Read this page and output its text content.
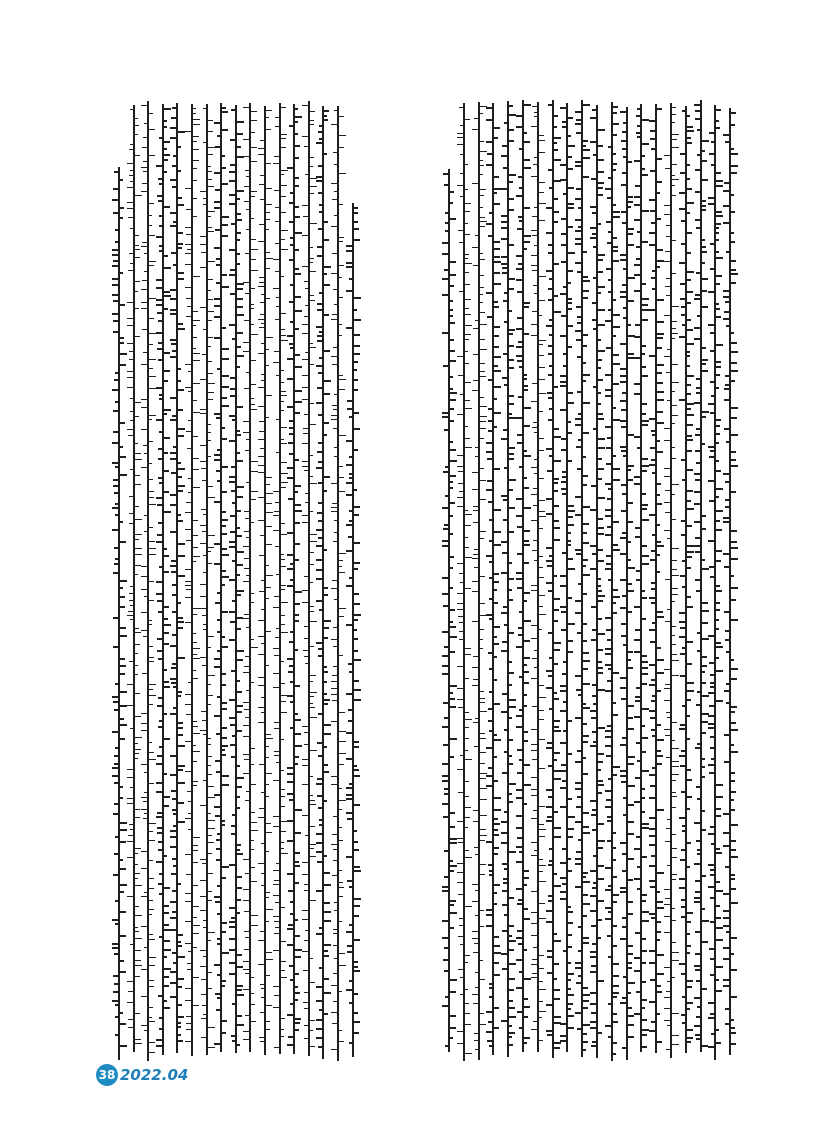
38 2022.04
